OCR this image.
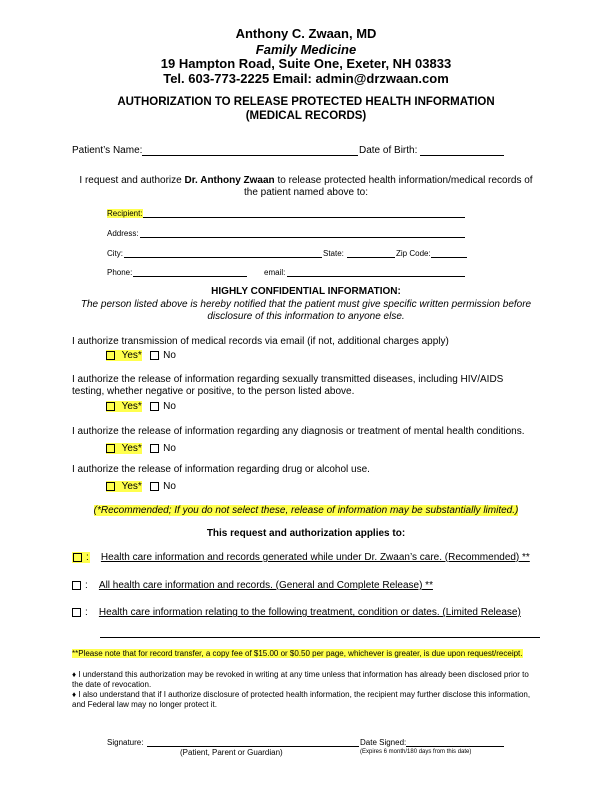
Anthony C. Zwaan, MD
Family Medicine
19 Hampton Road, Suite One, Exeter, NH 03833
Tel. 603-773-2225 Email: admin@drzwaan.com
AUTHORIZATION TO RELEASE PROTECTED HEALTH INFORMATION
(MEDICAL RECORDS)
Patient’s Name:	Date of Birth:
I request and authorize Dr. Anthony Zwaan to release protected health information/medical records of
the patient named above to:
Recipient:
Address:
City:	State:	Zip Code:
Phone:	email:
HIGHLY CONFIDENTIAL INFORMATION:
The person listed above is hereby notified that the patient must give specific written permission before
disclosure of this information to anyone else.
I authorize transmission of medical records via email (if not, additional charges apply)
Yes* No
I authorize the release of information regarding sexually transmitted diseases, including HIV/AIDS
testing, whether negative or positive, to the person listed above.
Yes* No
I authorize the release of information regarding any diagnosis or treatment of mental health conditions.
Yes* No
I authorize the release of information regarding drug or alcohol use.
Yes* No
(*Recommended; If you do not select these, release of information may be substantially limited.)
This request and authorization applies to:
: Health care information and records generated while under Dr. Zwaan’s care. (Recommended) **
:    All health care information and records. (General and Complete Release) **
:    Health care information relating to the following treatment, condition or dates. (Limited Release)
**Please note that for record transfer, a copy fee of $15.00 or $0.50 per page, whichever is greater, is due upon request/receipt.
♦ I understand this authorization may be revoked in writing at any time unless that information has already been disclosed prior to
the date of revocation.
♦ I also understand that if I authorize disclosure of protected health information, the recipient may further disclose this information,
and Federal law may no longer protect it.
Signature:
(Patient, Parent or Guardian)
Date Signed:
(Expires 6 month/180 days from this date)
